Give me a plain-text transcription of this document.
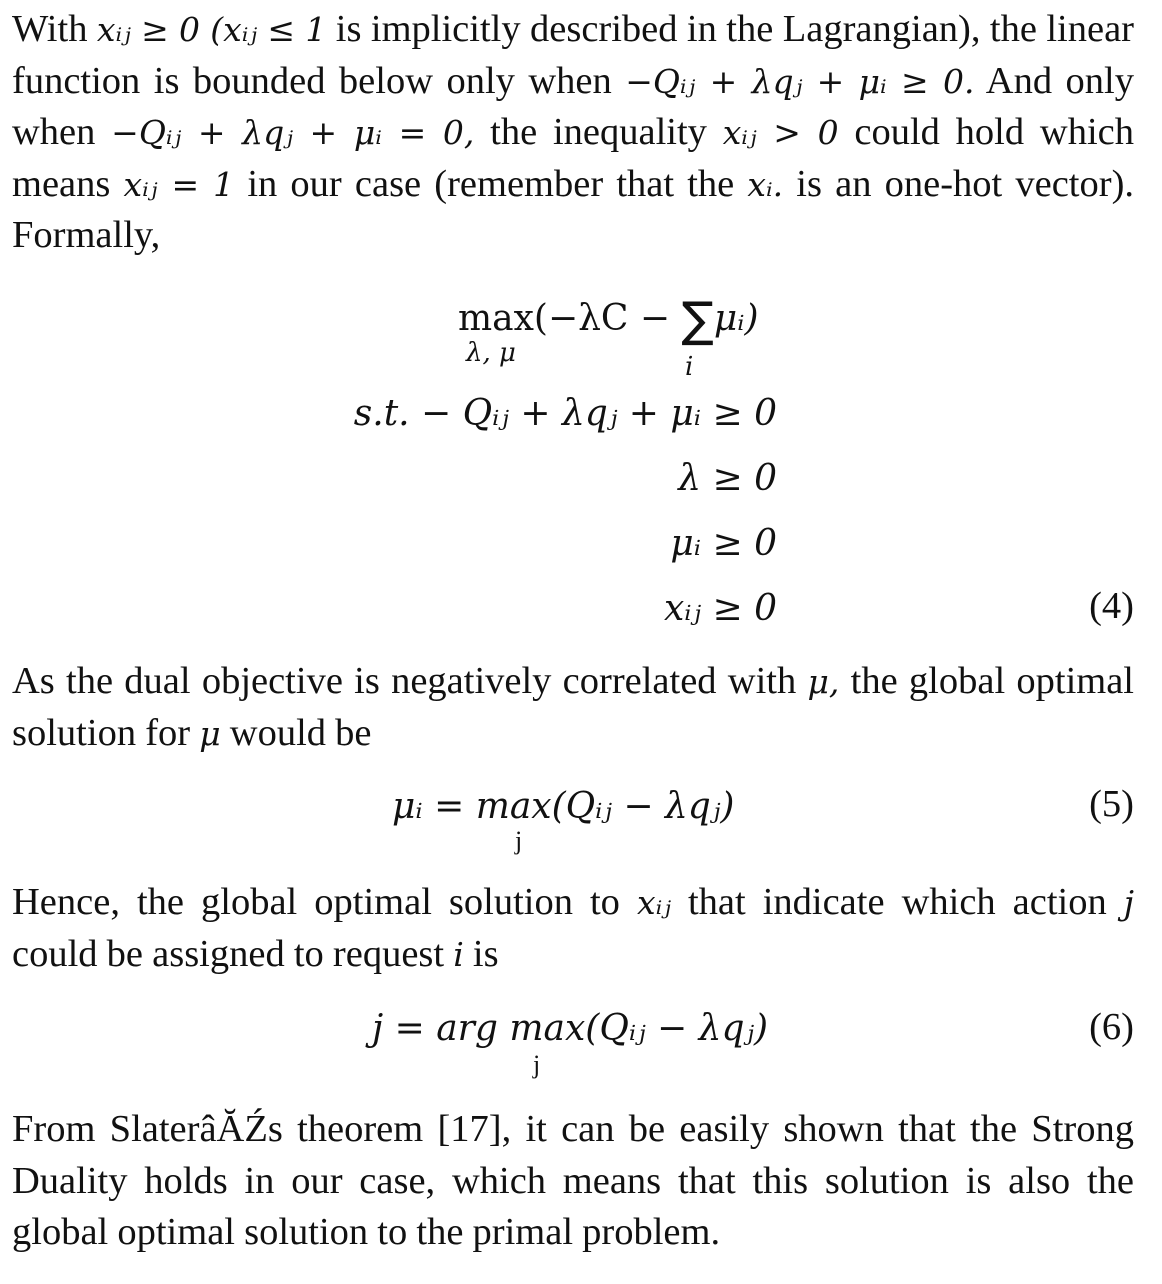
With xᵢⱼ ≥ 0 (xᵢⱼ ≤ 1 is implicitly described in the Lagrangian), the linear function is bounded below only when −Qᵢⱼ + λqⱼ + μᵢ ≥ 0. And only when −Qᵢⱼ + λqⱼ + μᵢ = 0, the inequality xᵢⱼ > 0 could hold which means xᵢⱼ = 1 in our case (remember that the xᵢ. is an one-hot vector). Formally,

max(−λC − ∑μᵢ)
λ, μ	i
s.t. − Qᵢⱼ + λqⱼ + μᵢ ≥ 0
λ ≥ 0
μᵢ ≥ 0
xᵢⱼ ≥ 0	(4)

As the dual objective is negatively correlated with μ, the global optimal solution for μ would be

μᵢ = max(Qᵢⱼ − λqⱼ)
j
(5)

Hence, the global optimal solution to xᵢⱼ that indicate which action j could be assigned to request i is

j = arg max(Qᵢⱼ − λqⱼ)
j
(6)

From SlaterâĂŹs theorem [17], it can be easily shown that the Strong Duality holds in our case, which means that this solution is also the global optimal solution to the primal problem.
